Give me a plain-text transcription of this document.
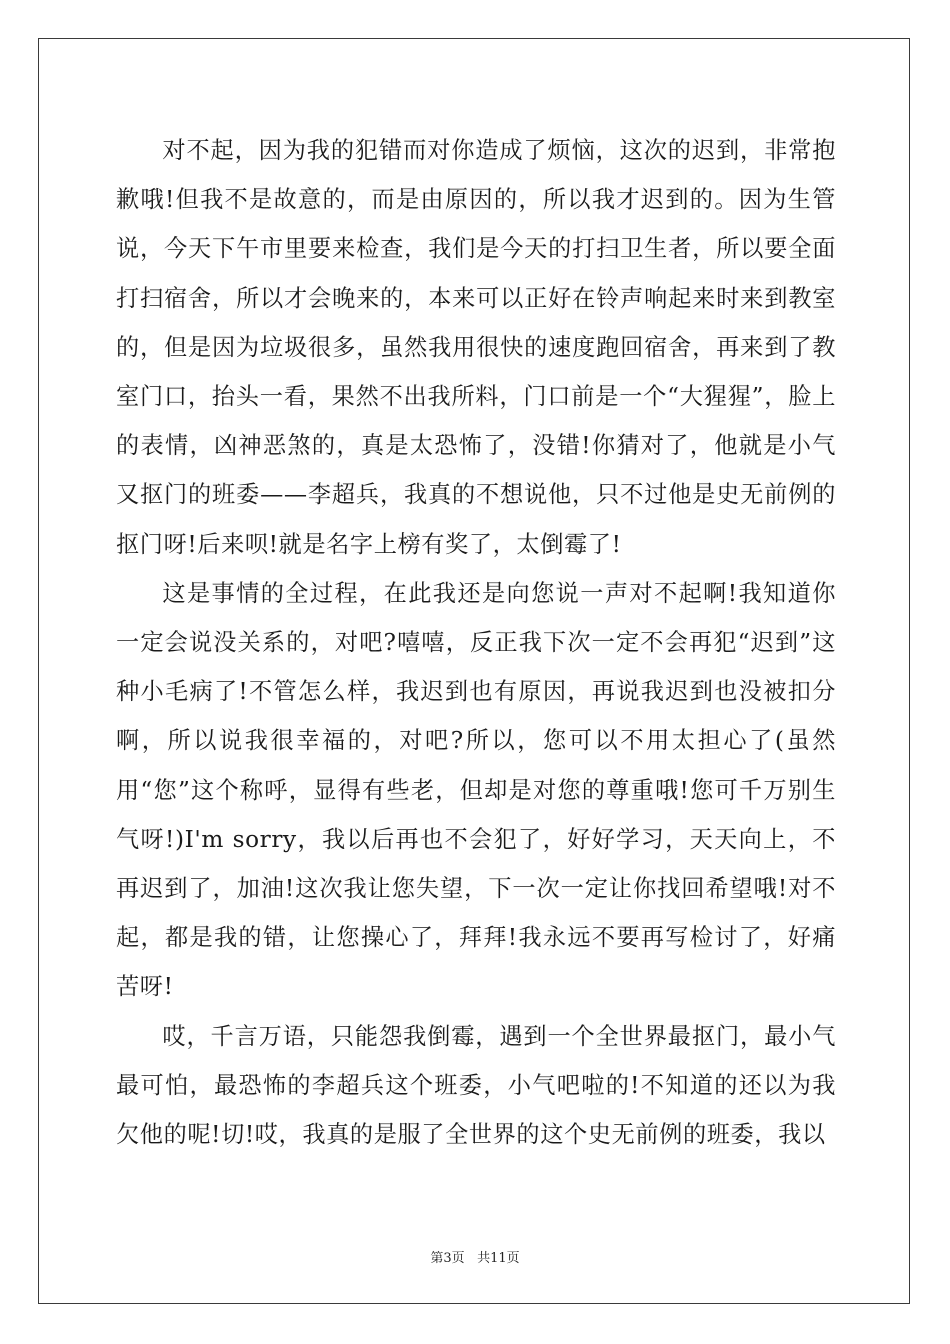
对不起，因为我的犯错而对你造成了烦恼，这次的迟到，非常抱歉哦!但我不是故意的，而是由原因的，所以我才迟到的。因为生管说，今天下午市里要来检查，我们是今天的打扫卫生者，所以要全面打扫宿舍，所以才会晚来的，本来可以正好在铃声响起来时来到教室的，但是因为垃圾很多，虽然我用很快的速度跑回宿舍，再来到了教室门口，抬头一看，果然不出我所料，门口前是一个“大猩猩”，脸上的表情，凶神恶煞的，真是太恐怖了，没错!你猜对了，他就是小气又抠门的班委——李超兵，我真的不想说他，只不过他是史无前例的抠门呀!后来呗!就是名字上榜有奖了，太倒霉了!

这是事情的全过程，在此我还是向您说一声对不起啊!我知道你一定会说没关系的，对吧?嘻嘻，反正我下次一定不会再犯“迟到”这种小毛病了!不管怎么样，我迟到也有原因，再说我迟到也没被扣分啊，所以说我很幸福的，对吧?所以，您可以不用太担心了(虽然用“您”这个称呼，显得有些老，但却是对您的尊重哦!您可千万别生气呀!)I'm sorry，我以后再也不会犯了，好好学习，天天向上，不再迟到了，加油!这次我让您失望，下一次一定让你找回希望哦!对不起，都是我的错，让您操心了，拜拜!我永远不要再写检讨了，好痛苦呀!

哎，千言万语，只能怨我倒霉，遇到一个全世界最抠门，最小气最可怕，最恐怖的李超兵这个班委，小气吧啦的!不知道的还以为我欠他的呢!切!哎，我真的是服了全世界的这个史无前例的班委，我以

第3页 共11页
